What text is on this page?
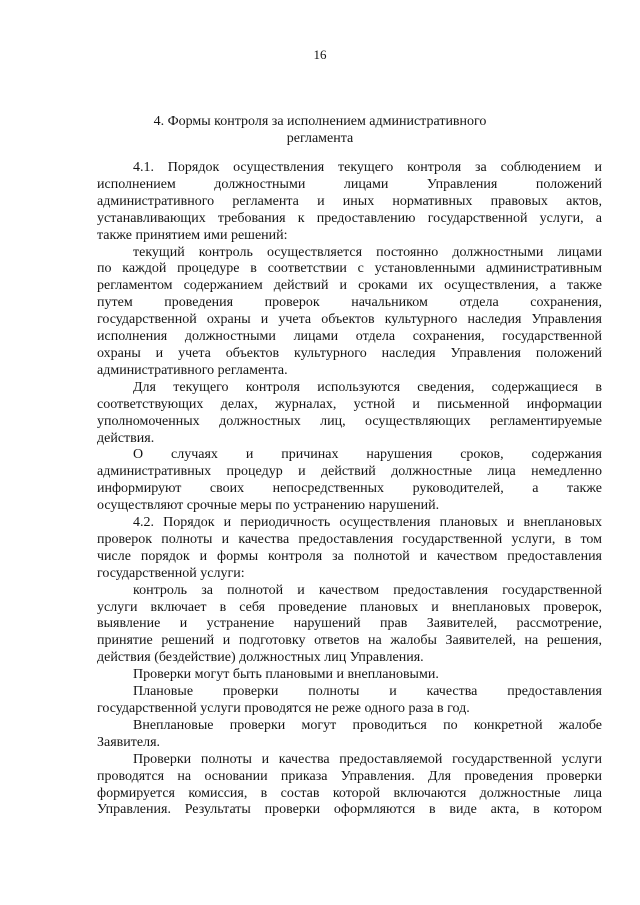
16
4. Формы контроля за исполнением административного
регламента
4.1. Порядок осуществления текущего контроля за соблюдением и
исполнением должностными лицами Управления положений
административного регламента и иных нормативных правовых актов,
устанавливающих требования к предоставлению государственной услуги, а
также принятием ими решений:
текущий контроль осуществляется постоянно должностными лицами
по каждой процедуре в соответствии с установленными административным
регламентом содержанием действий и сроками их осуществления, а также
путем проведения проверок начальником отдела сохранения,
государственной охраны и учета объектов культурного наследия Управления
исполнения должностными лицами отдела сохранения, государственной
охраны и учета объектов культурного наследия Управления положений
административного регламента.
Для текущего контроля используются сведения, содержащиеся в
соответствующих делах, журналах, устной и письменной информации
уполномоченных должностных лиц, осуществляющих регламентируемые
действия.
О случаях и причинах нарушения сроков, содержания
административных процедур и действий должностные лица немедленно
информируют своих непосредственных руководителей, а также
осуществляют срочные меры по устранению нарушений.
4.2. Порядок и периодичность осуществления плановых и внеплановых
проверок полноты и качества предоставления государственной услуги, в том
числе порядок и формы контроля за полнотой и качеством предоставления
государственной услуги:
контроль за полнотой и качеством предоставления государственной
услуги включает в себя проведение плановых и внеплановых проверок,
выявление и устранение нарушений прав Заявителей, рассмотрение,
принятие решений и подготовку ответов на жалобы Заявителей, на решения,
действия (бездействие) должностных лиц Управления.
Проверки могут быть плановыми и внеплановыми.
Плановые проверки полноты и качества предоставления
государственной услуги проводятся не реже одного раза в год.
Внеплановые проверки могут проводиться по конкретной жалобе
Заявителя.
Проверки полноты и качества предоставляемой государственной услуги
проводятся на основании приказа Управления. Для проведения проверки
формируется комиссия, в состав которой включаются должностные лица
Управления. Результаты проверки оформляются в виде акта, в котором
